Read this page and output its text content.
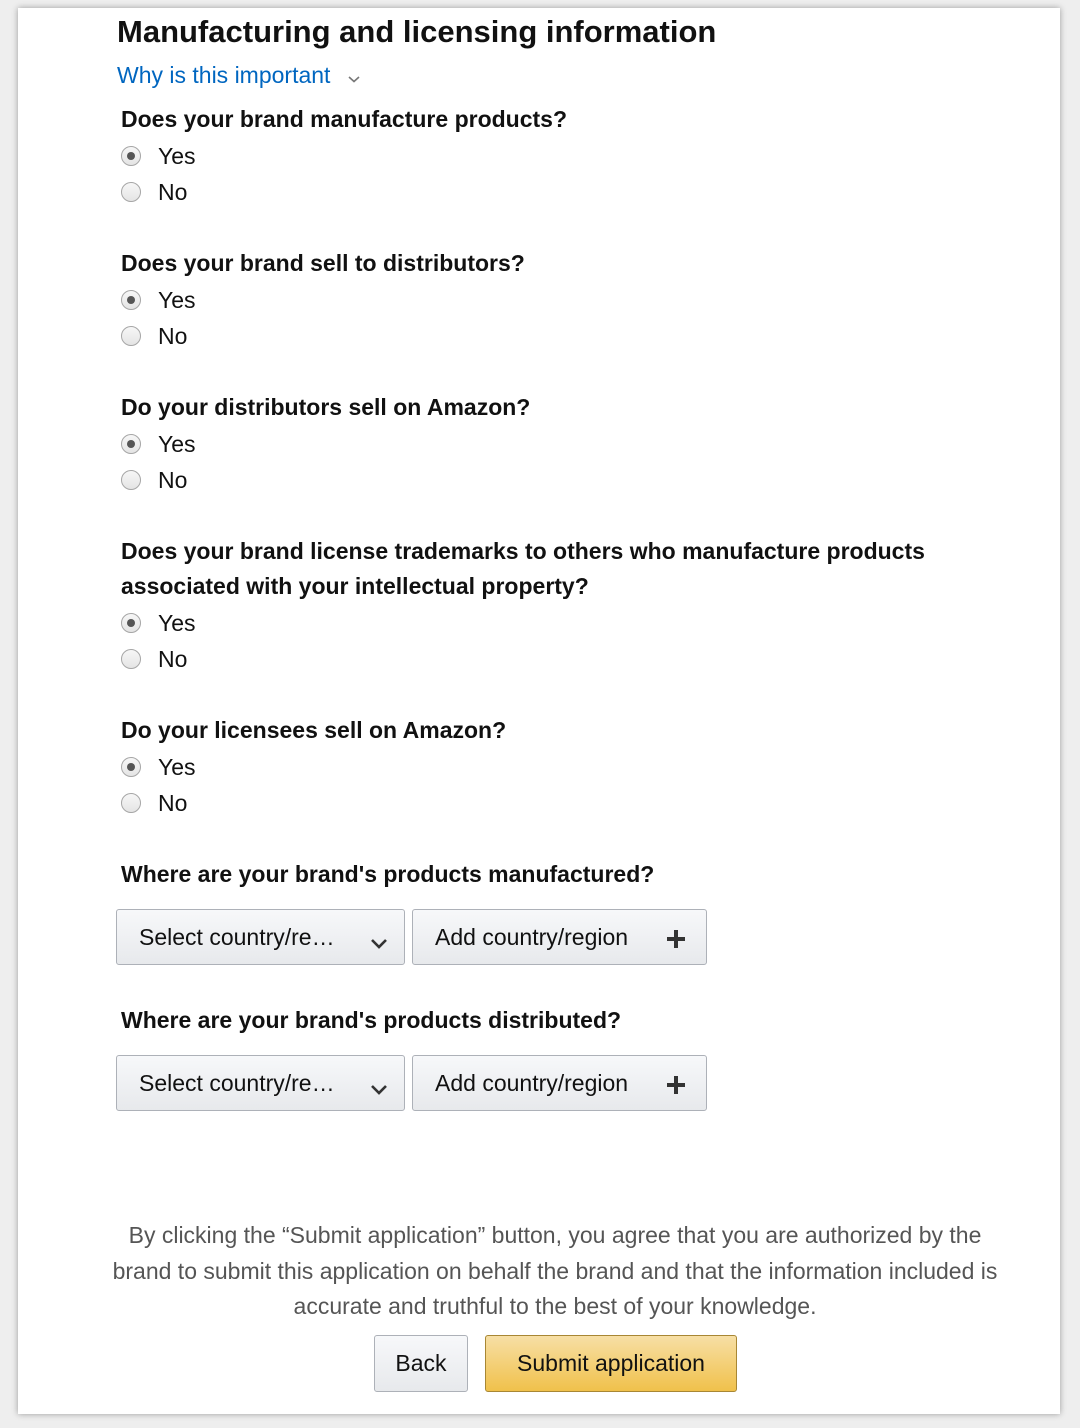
Manufacturing and licensing information
Why is this important
Does your brand manufacture products?
Yes
No
Does your brand sell to distributors?
Yes
No
Do your distributors sell on Amazon?
Yes
No
Does your brand license trademarks to others who manufacture products associated with your intellectual property?
Yes
No
Do your licensees sell on Amazon?
Yes
No
Where are your brand's products manufactured?
Select country/re…	Add country/region
Where are your brand's products distributed?
Select country/re…	Add country/region
By clicking the “Submit application” button, you agree that you are authorized by the brand to submit this application on behalf the brand and that the information included is accurate and truthful to the best of your knowledge.
Back	Submit application
